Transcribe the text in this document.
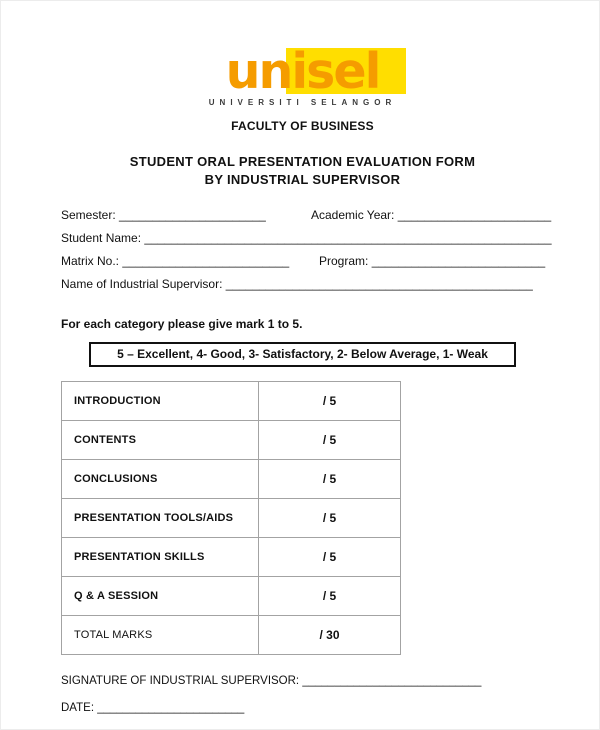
unisel
UNIVERSITI SELANGOR
FACULTY OF BUSINESS
STUDENT ORAL PRESENTATION EVALUATION FORM
BY INDUSTRIAL SUPERVISOR
Semester: ______________________	Academic Year: _______________________
Student Name: _____________________________________________________________
Matrix No.: _________________________	Program: __________________________
Name of Industrial Supervisor: ______________________________________________
For each category please give mark 1 to 5.
5 – Excellent, 4- Good, 3- Satisfactory, 2- Below Average, 1- Weak
INTRODUCTION	/ 5
CONTENTS	/ 5
CONCLUSIONS	/ 5
PRESENTATION TOOLS/AIDS	/ 5
PRESENTATION SKILLS	/ 5
Q & A SESSION	/ 5
TOTAL MARKS	/ 30
SIGNATURE OF INDUSTRIAL SUPERVISOR: ____________________________
DATE: _______________________
